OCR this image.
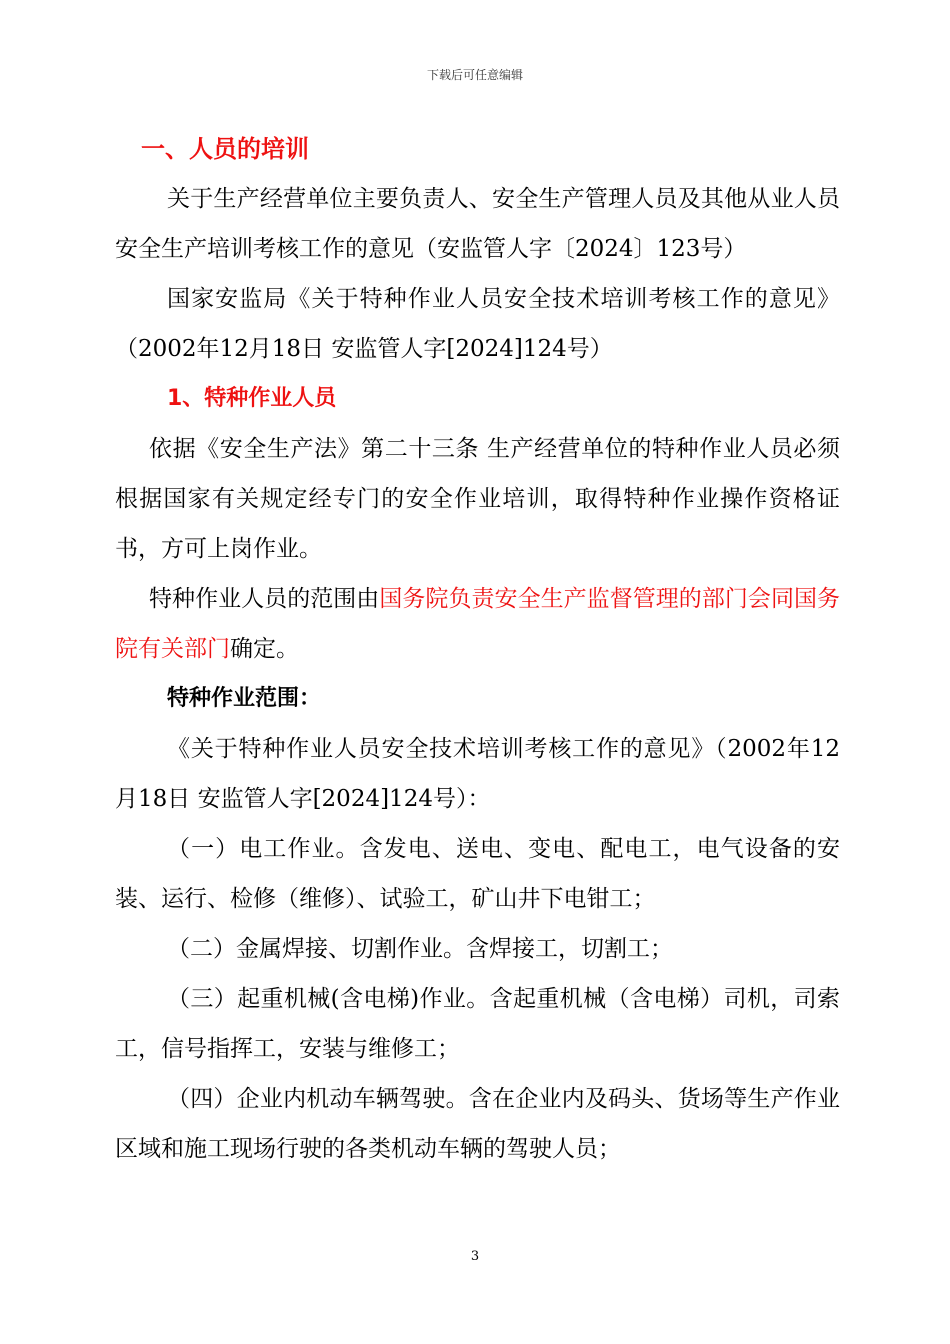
下载后可任意编辑
一、人员的培训

关于生产经营单位主要负责人、安全生产管理人员及其他从业人员安全生产培训考核工作的意见（安监管人字〔2024〕123号）

国家安监局《关于特种作业人员安全技术培训考核工作的意见》（2002年12月18日 安监管人字[2024]124号）

1、特种作业人员

依据《安全生产法》第二十三条 生产经营单位的特种作业人员必须根据国家有关规定经专门的安全作业培训，取得特种作业操作资格证书，方可上岗作业。

特种作业人员的范围由国务院负责安全生产监督管理的部门会同国务院有关部门确定。

特种作业范围：

《关于特种作业人员安全技术培训考核工作的意见》（2002年12月18日 安监管人字[2024]124号）：

（一）电工作业。含发电、送电、变电、配电工，电气设备的安装、运行、检修（维修）、试验工，矿山井下电钳工；

（二）金属焊接、切割作业。含焊接工，切割工；

（三）起重机械(含电梯)作业。含起重机械（含电梯）司机，司索工，信号指挥工，安装与维修工；

（四）企业内机动车辆驾驶。含在企业内及码头、货场等生产作业区域和施工现场行驶的各类机动车辆的驾驶人员；

3
